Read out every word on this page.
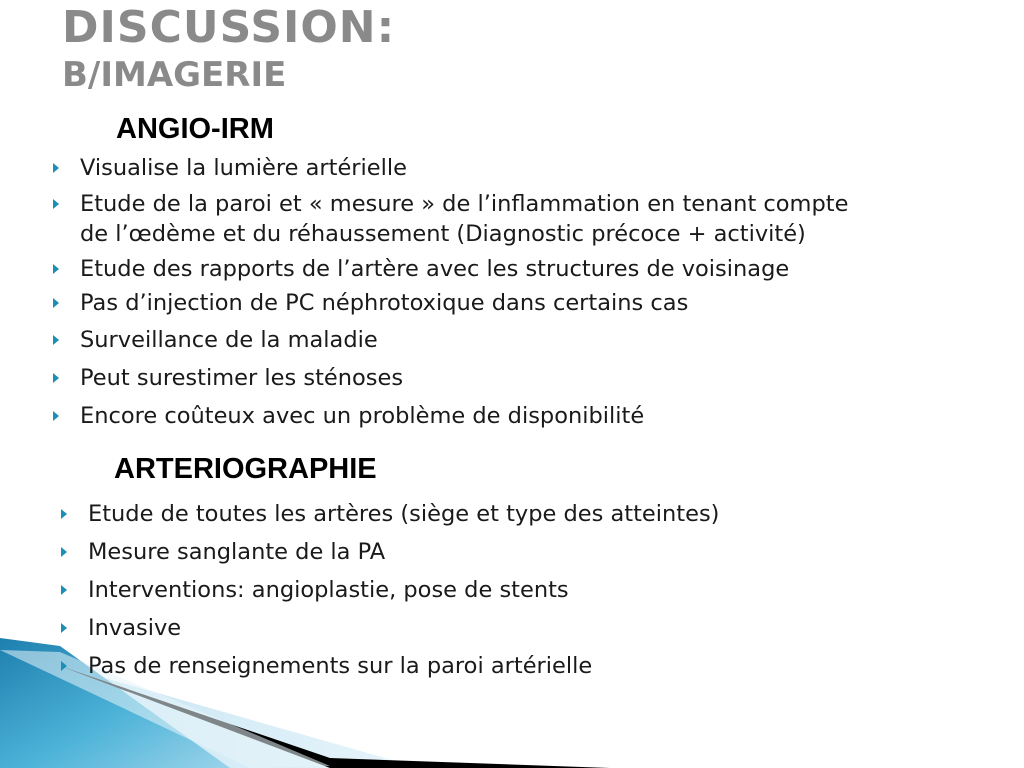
DISCUSSION:
B/IMAGERIE
ANGIO-IRM
Visualise la lumière artérielle
Etude de la paroi et « mesure » de l’inflammation en tenant compte
de l’œdème et du réhaussement (Diagnostic précoce + activité)
Etude des rapports de l’artère avec les structures de voisinage
Pas d’injection de PC néphrotoxique dans certains cas
Surveillance de la maladie
Peut surestimer les sténoses
Encore coûteux avec un problème de disponibilité
ARTERIOGRAPHIE
Etude de toutes les artères (siège et type des atteintes)
Mesure sanglante de la PA
Interventions: angioplastie, pose de stents
Invasive
Pas de renseignements sur la paroi artérielle
